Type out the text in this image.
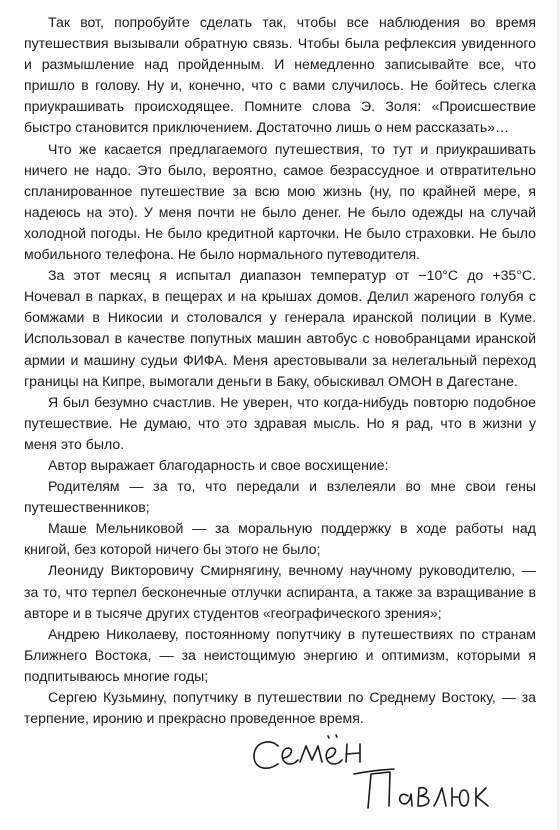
Так вот, попробуйте сделать так, чтобы все наблюдения во время путешествия вызывали обратную связь. Чтобы была рефлексия увиденного и размышление над пройденным. И немедленно записывайте все, что пришло в голову. Ну и, конечно, что с вами случилось. Не бойтесь слегка приукрашивать происходящее. Помните слова Э. Золя: «Происшествие быстро становится приключением. Достаточно лишь о нем рассказать»…

Что же касается предлагаемого путешествия, то тут и приукрашивать ничего не надо. Это было, вероятно, самое безрассудное и отвратительно спланированное путешествие за всю мою жизнь (ну, по крайней мере, я надеюсь на это). У меня почти не было денег. Не было одежды на случай холодной погоды. Не было кредитной карточки. Не было страховки. Не было мобильного телефона. Не было нормального путеводителя.

За этот месяц я испытал диапазон температур от −10°С до +35°С. Ночевал в парках, в пещерах и на крышах домов. Делил жареного голубя с бомжами в Никосии и столовался у генерала иранской полиции в Куме. Использовал в качестве попутных машин автобус с новобранцами иранской армии и машину судьи ФИФА. Меня арестовывали за нелегальный переход границы на Кипре, вымогали деньги в Баку, обыскивал ОМОН в Дагестане.

Я был безумно счастлив. Не уверен, что когда-нибудь повторю подобное путешествие. Не думаю, что это здравая мысль. Но я рад, что в жизни у меня это было.

Автор выражает благодарность и свое восхищение:

Родителям — за то, что передали и взлелеяли во мне свои гены путешественников;

Маше Мельниковой — за моральную поддержку в ходе работы над книгой, без которой ничего бы этого не было;

Леониду Викторовичу Смирнягину, вечному научному руководителю, — за то, что терпел бесконечные отлучки аспиранта, а также за взращивание в авторе и в тысяче других студентов «географического зрения»;

Андрею Николаеву, постоянному попутчику в путешествиях по странам Ближнего Востока, — за неистощимую энергию и оптимизм, которыми я подпитываюсь многие годы;

Сергею Кузьмину, попутчику в путешествии по Среднему Востоку, — за терпение, иронию и прекрасно проведенное время.
